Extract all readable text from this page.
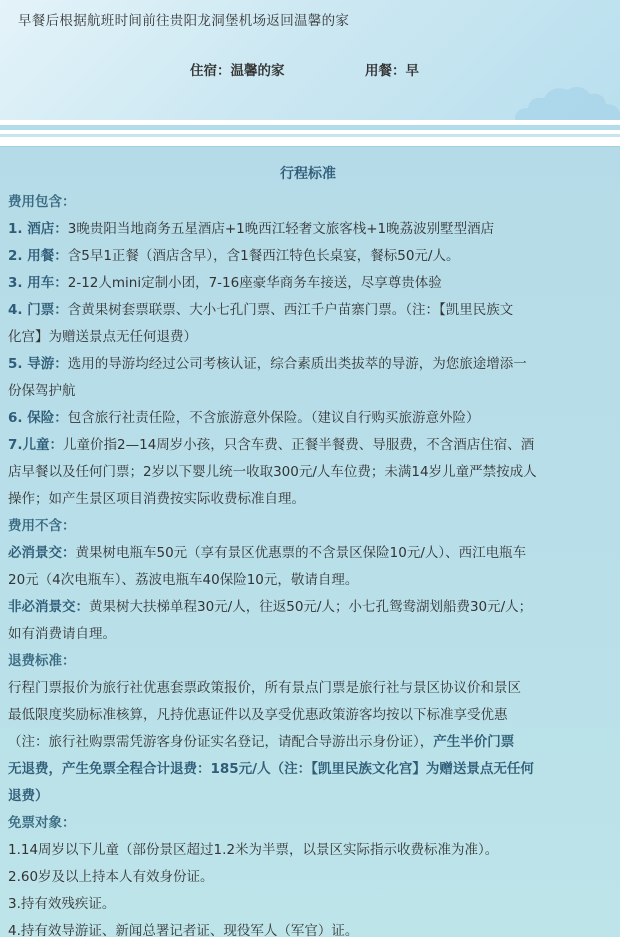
早餐后根据航班时间前往贵阳龙洞堡机场返回温馨的家
住宿：温馨的家	用餐：早
行程标准

费用包含：

1. 酒店：3晚贵阳当地商务五星酒店+1晚西江轻奢文旅客栈+1晚荔波别墅型酒店

2. 用餐：含5早1正餐（酒店含早），含1餐西江特色长桌宴，餐标50元/人。

3. 用车：2-12人mini定制小团，7-16座豪华商务车接送，尽享尊贵体验

4. 门票：含黄果树套票联票、大小七孔门票、西江千户苗寨门票。（注：【凯里民族文

化宫】为赠送景点无任何退费）

5. 导游：选用的导游均经过公司考核认证，综合素质出类拔萃的导游，为您旅途增添一

份保驾护航

6. 保险：包含旅行社责任险，不含旅游意外保险。（建议自行购买旅游意外险）

7.儿童：儿童价指2—14周岁小孩，只含车费、正餐半餐费、导服费，不含酒店住宿、酒

店早餐以及任何门票；2岁以下婴儿统一收取300元/人车位费；未满14岁儿童严禁按成人

操作；如产生景区项目消费按实际收费标准自理。

费用不含：

必消景交：黄果树电瓶车50元（享有景区优惠票的不含景区保险10元/人）、西江电瓶车

20元（4次电瓶车）、荔波电瓶车40保险10元，敬请自理。

非必消景交：黄果树大扶梯单程30元/人，往返50元/人；小七孔鸳鸯湖划船费30元/人；

如有消费请自理。

退费标准：

行程门票报价为旅行社优惠套票政策报价，所有景点门票是旅行社与景区协议价和景区

最低限度奖励标准核算，凡持优惠证件以及享受优惠政策游客均按以下标准享受优惠

（注：旅行社购票需凭游客身份证实名登记，请配合导游出示身份证），产生半价门票

无退费，产生免票全程合计退费：185元/人（注：【凯里民族文化宫】为赠送景点无任何

退费）

免票对象：

1.14周岁以下儿童（部份景区超过1.2米为半票，以景区实际指示收费标准为准）。

2.60岁及以上持本人有效身份证。

3.持有效残疾证。

4.持有效导游证、新闻总署记者证、现役军人（军官）证。
